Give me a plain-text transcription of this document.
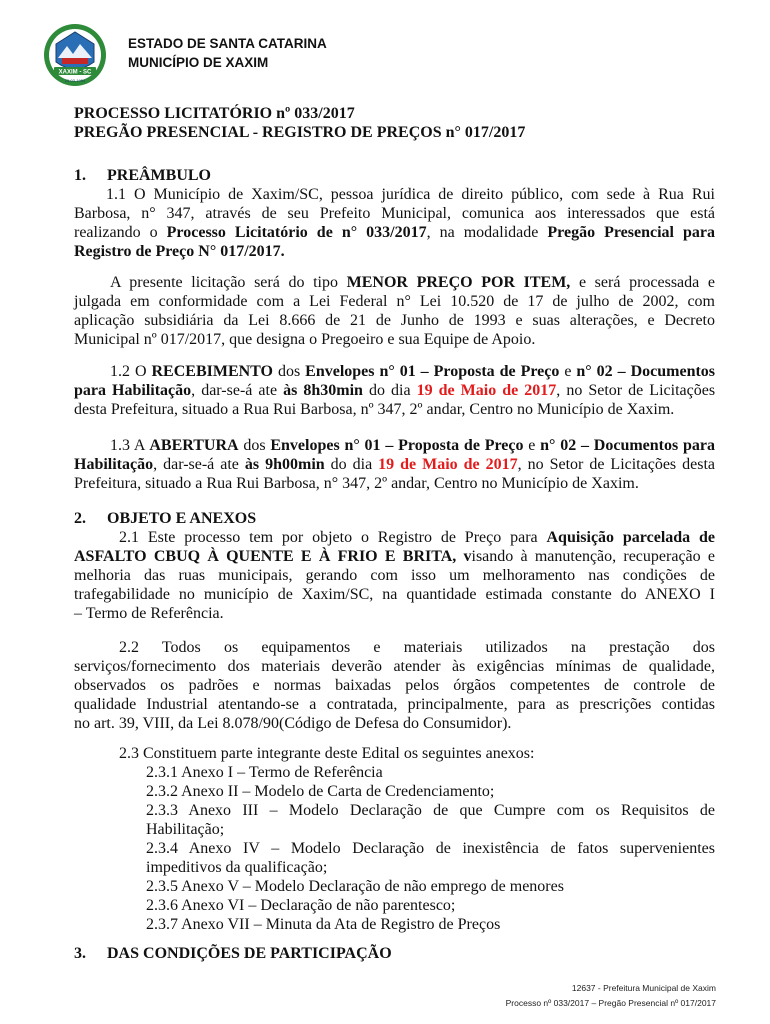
XAXIM - SC
25-03-1954
ESTADO DE SANTA CATARINA
MUNICÍPIO DE XAXIM
PROCESSO LICITATÓRIO nº 033/2017
PREGÃO PRESENCIAL - REGISTRO DE PREÇOS n° 017/2017
1. PREÂMBULO
1.1 O Município de Xaxim/SC, pessoa jurídica de direito público, com sede à Rua Rui
Barbosa, n° 347, através de seu Prefeito Municipal, comunica aos interessados que está
realizando o Processo Licitatório de n° 033/2017, na modalidade Pregão Presencial para
Registro de Preço N° 017/2017.
A presente licitação será do tipo MENOR PREÇO POR ITEM, e será processada e
julgada em conformidade com a Lei Federal n° Lei 10.520 de 17 de julho de 2002, com
aplicação subsidiária da Lei 8.666 de 21 de Junho de 1993 e suas alterações, e Decreto
Municipal nº 017/2017, que designa o Pregoeiro e sua Equipe de Apoio.
1.2 O RECEBIMENTO dos Envelopes n° 01 – Proposta de Preço e n° 02 – Documentos
para Habilitação, dar-se-á ate às 8h30min do dia 19 de Maio de 2017, no Setor de Licitações
desta Prefeitura, situado a Rua Rui Barbosa, nº 347, 2º andar, Centro no Município de Xaxim.
1.3 A ABERTURA dos Envelopes n° 01 – Proposta de Preço e n° 02 – Documentos para
Habilitação, dar-se-á ate às 9h00min do dia 19 de Maio de 2017, no Setor de Licitações desta
Prefeitura, situado a Rua Rui Barbosa, n° 347, 2º andar, Centro no Município de Xaxim.
2. OBJETO E ANEXOS
2.1 Este processo tem por objeto o Registro de Preço para Aquisição parcelada de
ASFALTO CBUQ À QUENTE E À FRIO E BRITA, visando à manutenção, recuperação e
melhoria das ruas municipais, gerando com isso um melhoramento nas condições de
trafegabilidade no município de Xaxim/SC, na quantidade estimada constante do ANEXO I
– Termo de Referência.
2.2 Todos os equipamentos e materiais utilizados na prestação dos
serviços/fornecimento dos materiais deverão atender às exigências mínimas de qualidade,
observados os padrões e normas baixadas pelos órgãos competentes de controle de
qualidade Industrial atentando-se a contratada, principalmente, para as prescrições contidas
no art. 39, VIII, da Lei 8.078/90(Código de Defesa do Consumidor).
2.3 Constituem parte integrante deste Edital os seguintes anexos:
2.3.1 Anexo I – Termo de Referência
2.3.2 Anexo II – Modelo de Carta de Credenciamento;
2.3.3 Anexo III – Modelo Declaração de que Cumpre com os Requisitos de
Habilitação;
2.3.4 Anexo IV – Modelo Declaração de inexistência de fatos supervenientes
impeditivos da qualificação;
2.3.5 Anexo V – Modelo Declaração de não emprego de menores
2.3.6 Anexo VI – Declaração de não parentesco;
2.3.7 Anexo VII – Minuta da Ata de Registro de Preços
3. DAS CONDIÇÕES DE PARTICIPAÇÃO
12637 - Prefeitura Municipal de Xaxim
Processo nº 033/2017 – Pregão Presencial nº 017/2017
